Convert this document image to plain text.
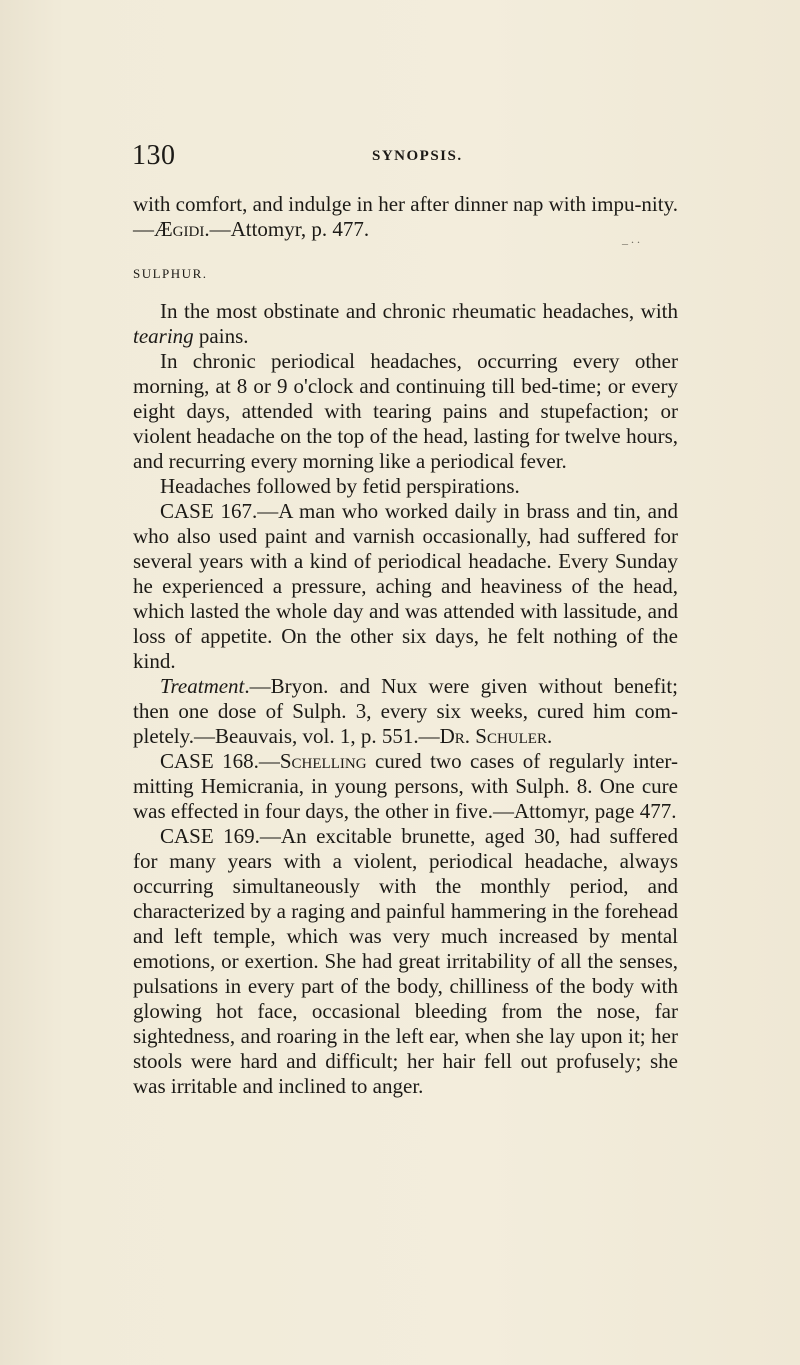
130	SYNOPSIS.
_ . .

with comfort, and indulge in her after dinner nap with impu-nity.—Ægidi.—Attomyr, p. 477.

SULPHUR.

In the most obstinate and chronic rheumatic headaches, with tearing pains.

In chronic periodical headaches, occurring every other morning, at 8 or 9 o'clock and continuing till bed-time; or every eight days, attended with tearing pains and stupefaction; or violent headache on the top of the head, lasting for twelve hours, and recurring every morning like a periodical fever.

Headaches followed by fetid perspirations.

CASE 167.—A man who worked daily in brass and tin, and who also used paint and varnish occasionally, had suffered for several years with a kind of periodical headache. Every Sunday he experienced a pressure, aching and heaviness of the head, which lasted the whole day and was attended with lassitude, and loss of appetite. On the other six days, he felt nothing of the kind.

Treatment.—Bryon. and Nux were given without benefit; then one dose of Sulph. 3, every six weeks, cured him com-pletely.—Beauvais, vol. 1, p. 551.—Dr. Schuler.

CASE 168.—Schelling cured two cases of regularly inter-mitting Hemicrania, in young persons, with Sulph. 8. One cure was effected in four days, the other in five.—Attomyr, page 477.

CASE 169.—An excitable brunette, aged 30, had suffered for many years with a violent, periodical headache, always occurring simultaneously with the monthly period, and characterized by a raging and painful hammering in the forehead and left temple, which was very much increased by mental emotions, or exertion. She had great irritability of all the senses, pulsations in every part of the body, chilliness of the body with glowing hot face, occasional bleeding from the nose, far sightedness, and roaring in the left ear, when she lay upon it; her stools were hard and difficult; her hair fell out profusely; she was irritable and inclined to anger.
